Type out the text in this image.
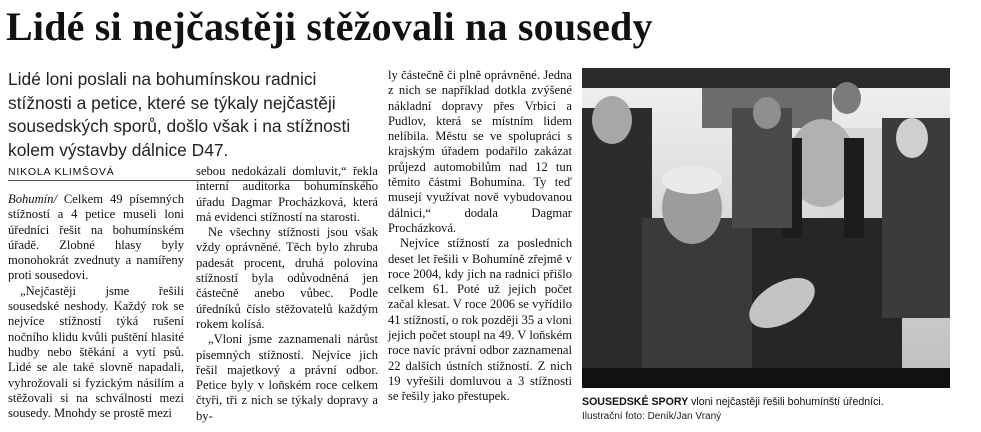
Lidé si nejčastěji stěžovali na sousedy
Lidé loni poslali na bohumínskou radnici stížnosti a petice, které se týkaly nejčastěji sousedských sporů, došlo však i na stížnosti kolem výstavby dálnice D47.
NIKOLA KLIMŠOVÁ

Bohumín/ Celkem 49 písemných stížností a 4 petice museli loni úředníci řešit na bohumínském úřadě. Zlobné hlasy byly monohokrát zvednuty a namířeny proti sousedovi.

„Nejčastěji jsme řešili sousedské neshody. Každý rok se nejvíce stížností týká rušení nočního klidu kvůli puštění hlasité hudby nebo štěkání a vytí psů. Lidé se ale také slovně napadali, vyhrožovali si fyzickým násilím a stěžovali si na schválnosti mezi sousedy. Mnohdy se prostě mezi

sebou nedokázali domluvit,“ řekla interní auditorka bohumínského úřadu Dagmar Procházková, která má evidenci stížností na starosti.

Ne všechny stížnosti jsou však vždy oprávněné. Těch bylo zhruba padesát procent, druhá polovina stížností byla odůvodněná jen částečně anebo vůbec. Podle úředníků číslo stěžovatelů každým rokem kolísá.

„Vloni jsme zaznamenali nárůst písemných stížností. Nejvíce jich řešil majetkový a právní odbor. Petice byly v loňském roce celkem čtyři, tři z nich se týkaly dopravy a by-

ly částečně či plně oprávněné. Jedna z nich se například dotkla zvýšené nákladní dopravy přes Vrbici a Pudlov, která se místním lidem nelíbila. Městu se ve spolupráci s krajským úřadem podařilo zakázat průjezd automobilům nad 12 tun těmito částmi Bohumína. Ty teď musejí využívat nově vybudovanou dálnici,“ dodala Dagmar Procházková.

Nejvíce stížností za posledních deset let řešili v Bohumíně zřejmě v roce 2004, kdy jich na radnici přišlo celkem 61. Poté už jejich počet začal klesat. V roce 2006 se vyřídilo 41 stížností, o rok později 35 a vloni jejich počet stoupl na 49. V loňském roce navíc právní odbor zaznamenal 22 dalších ústních stížností. Z nich 19 vyřešili domluvou a 3 stížnosti se řešily jako přestupek.	SOUSEDSKÉ SPORY vloni nejčastěji řešili bohumínští úředníci.
Ilustrační foto: Deník/Jan Vraný
